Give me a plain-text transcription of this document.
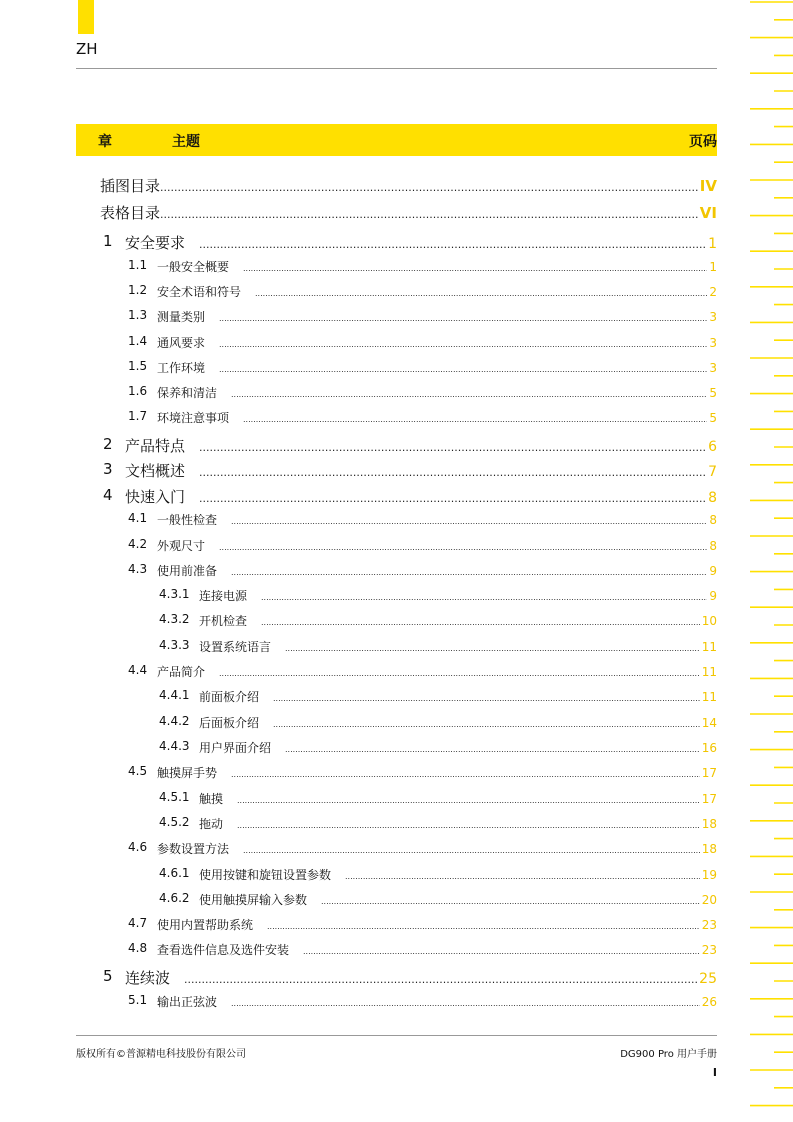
ZH
章	主题	页码
插图目录 .....	IV
表格目录 .....	VI
1 安全要求 .....	1
1.1 一般安全概要 .....	1
1.2 安全术语和符号 .....	2
1.3 测量类别 .....	3
1.4 通风要求 .....	3
1.5 工作环境 .....	3
1.6 保养和清洁 .....	5
1.7 环境注意事项 .....	5
2 产品特点 .....	6
3 文档概述 .....	7
4 快速入门 .....	8
4.1 一般性检查 .....	8
4.2 外观尺寸 .....	8
4.3 使用前准备 .....	9
4.3.1 连接电源 .....	9
4.3.2 开机检查 .....	10
4.3.3 设置系统语言 .....	11
4.4 产品简介 .....	11
4.4.1 前面板介绍 .....	11
4.4.2 后面板介绍 .....	14
4.4.3 用户界面介绍 .....	16
4.5 触摸屏手势 .....	17
4.5.1 触摸 .....	17
4.5.2 拖动 .....	18
4.6 参数设置方法 .....	18
4.6.1 使用按键和旋钮设置参数 .....	19
4.6.2 使用触摸屏输入参数 .....	20
4.7 使用内置帮助系统 .....	23
4.8 查看选件信息及选件安装 .....	23
5 连续波 .....	25
5.1 输出正弦波 .....	26
版权所有©普源精电科技股份有限公司	DG900 Pro 用户手册
I
